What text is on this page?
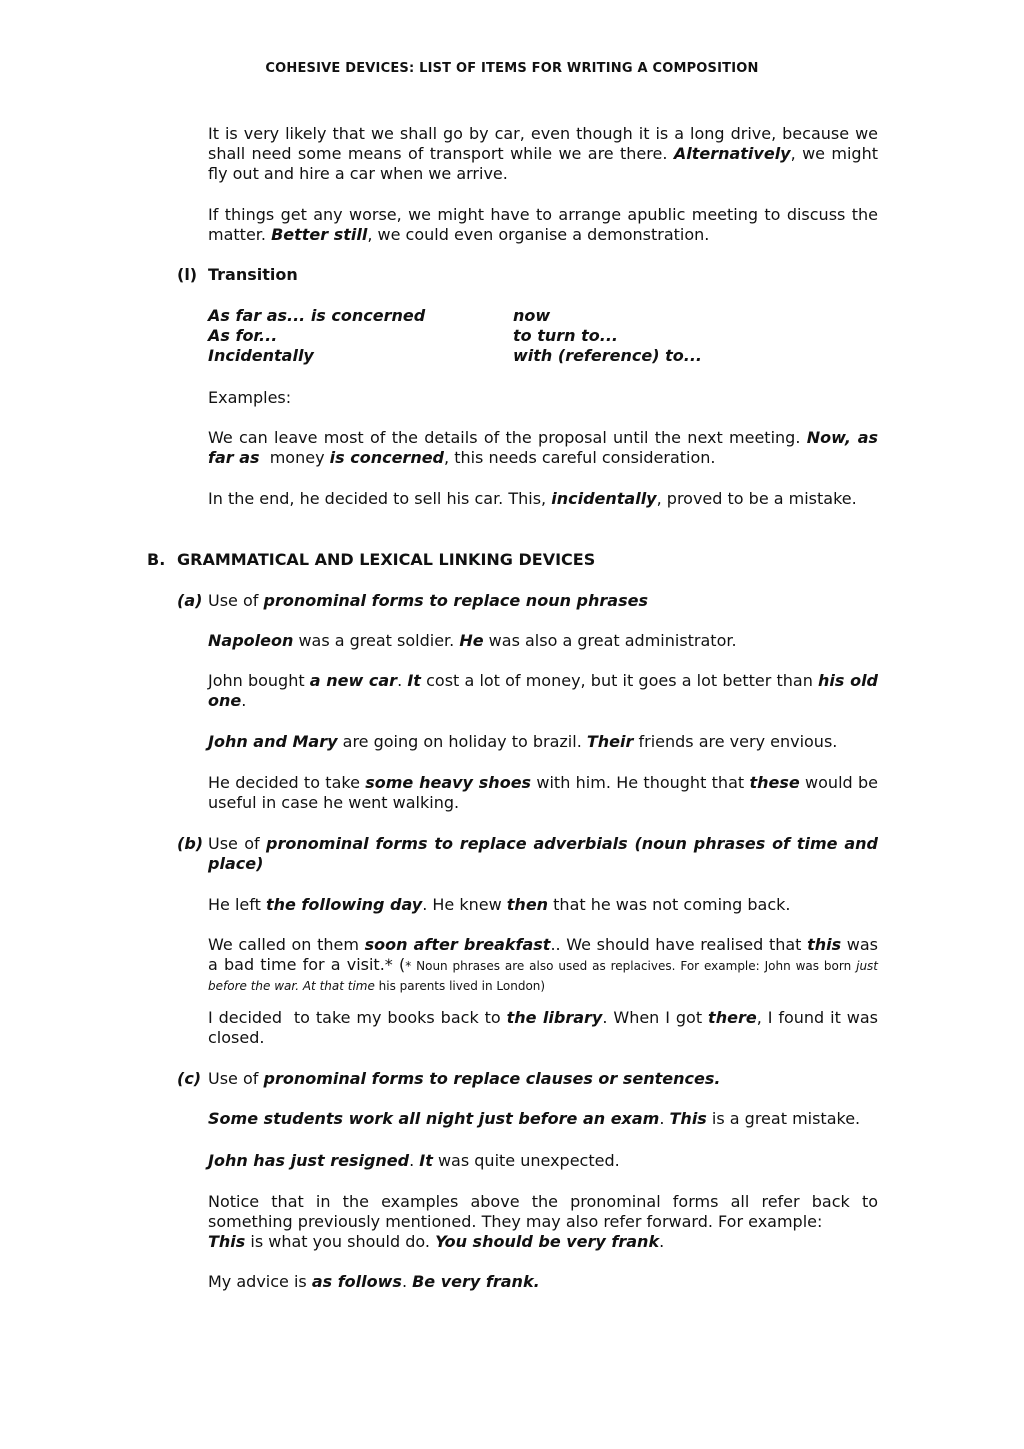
COHESIVE DEVICES: LIST OF ITEMS FOR WRITING A COMPOSITION
It is very likely that we shall go by car, even though it is a long drive, because we shall need some means of transport while we are there. Alternatively, we might fly out and hire a car when we arrive.
If things get any worse, we might have to arrange apublic meeting to discuss the matter. Better still, we could even organise a demonstration.
(l) Transition
As far as... is concerned
As for...
Incidentally
now
to turn to...
with (reference) to...
Examples:
We can leave most of the details of the proposal until the next meeting. Now, as far as  money is concerned, this needs careful consideration.
In the end, he decided to sell his car. This, incidentally, proved to be a mistake.
B. GRAMMATICAL AND LEXICAL LINKING DEVICES
(a) Use of pronominal forms to replace noun phrases
Napoleon was a great soldier. He was also a great administrator.
John bought a new car. It cost a lot of money, but it goes a lot better than his old one.
John and Mary are going on holiday to brazil. Their friends are very envious.
He decided to take some heavy shoes with him. He thought that these would be useful in case he went walking.
(b) Use of pronominal forms to replace adverbials (noun phrases of time and place)
He left the following day. He knew then that he was not coming back.
We called on them soon after breakfast.. We should have realised that this was a bad time for a visit.* (* Noun phrases are also used as replacives. For example: John was born just before the war. At that time his parents lived in London)
I decided  to take my books back to the library. When I got there, I found it was closed.
(c) Use of pronominal forms to replace clauses or sentences.
Some students work all night just before an exam. This is a great mistake.
John has just resigned. It was quite unexpected.
Notice that in the examples above the pronominal forms all refer back to something previously mentioned. They may also refer forward. For example:
This is what you should do. You should be very frank.
My advice is as follows. Be very frank.
